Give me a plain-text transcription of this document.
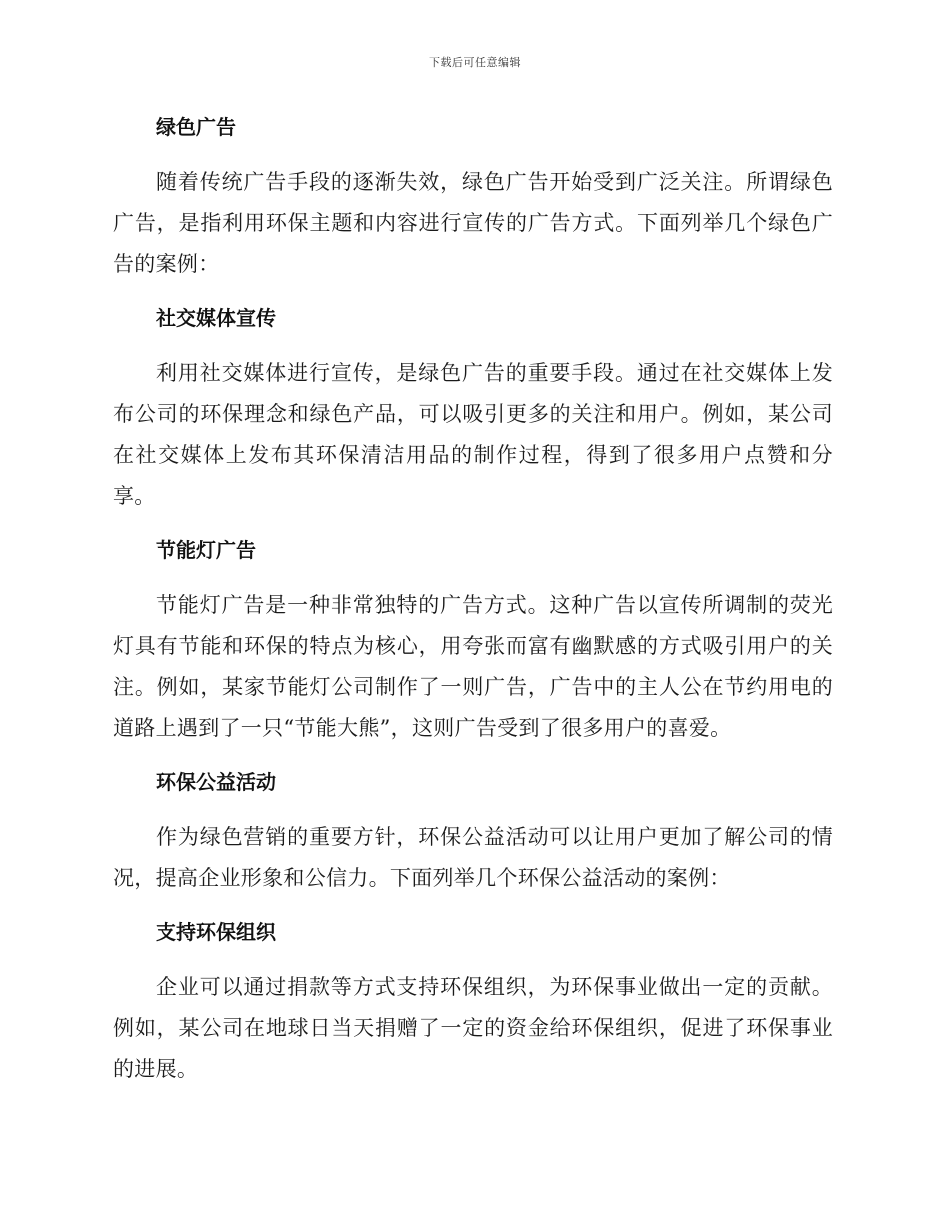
下载后可任意编辑
绿色广告

随着传统广告手段的逐渐失效，绿色广告开始受到广泛关注。所谓绿色广告，是指利用环保主题和内容进行宣传的广告方式。下面列举几个绿色广告的案例：

社交媒体宣传

利用社交媒体进行宣传，是绿色广告的重要手段。通过在社交媒体上发布公司的环保理念和绿色产品，可以吸引更多的关注和用户。例如，某公司在社交媒体上发布其环保清洁用品的制作过程，得到了很多用户点赞和分享。

节能灯广告

节能灯广告是一种非常独特的广告方式。这种广告以宣传所调制的荧光灯具有节能和环保的特点为核心，用夸张而富有幽默感的方式吸引用户的关注。例如，某家节能灯公司制作了一则广告，广告中的主人公在节约用电的道路上遇到了一只“节能大熊”，这则广告受到了很多用户的喜爱。

环保公益活动

作为绿色营销的重要方针，环保公益活动可以让用户更加了解公司的情况，提高企业形象和公信力。下面列举几个环保公益活动的案例：

支持环保组织

企业可以通过捐款等方式支持环保组织，为环保事业做出一定的贡献。例如，某公司在地球日当天捐赠了一定的资金给环保组织，促进了环保事业的进展。
